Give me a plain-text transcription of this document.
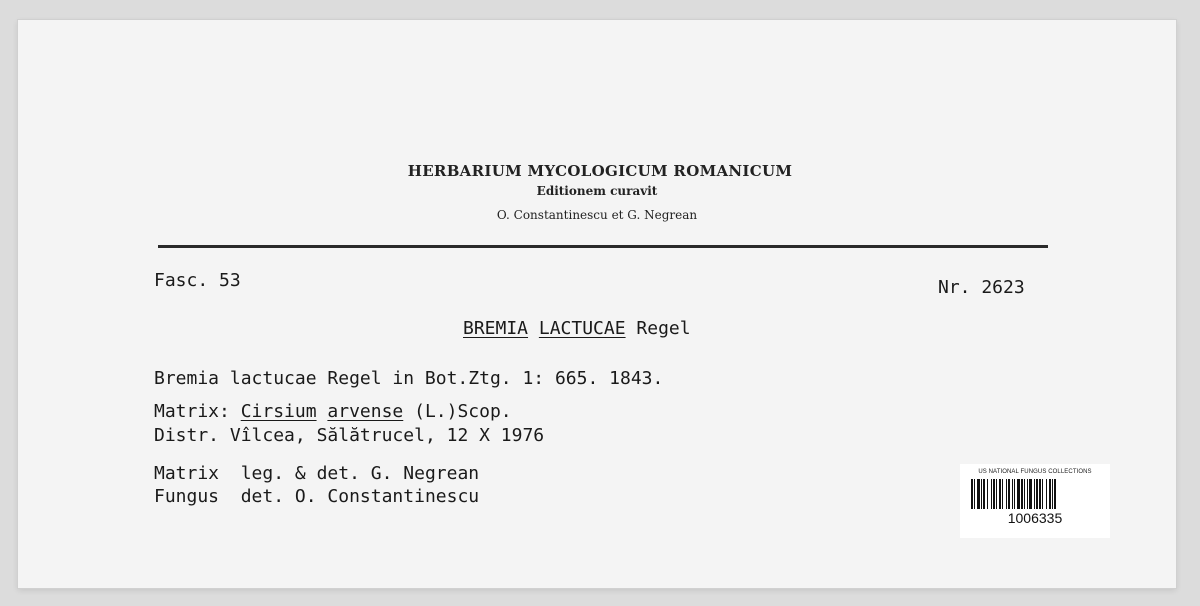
HERBARIUM MYCOLOGICUM ROMANICUM
Editionem curavit
O. Constantinescu et G. Negrean
Fasc. 53	Nr. 2623
BREMIA LACTUCAE Regel
Bremia lactucae Regel in Bot.Ztg. 1: 665. 1843.
Matrix: Cirsium arvense (L.)Scop.
Distr. Vîlcea, Sălătrucel, 12 X 1976
Matrix leg. & det. G. Negrean
Fungus det. O. Constantinescu
US NATIONAL FUNGUS COLLECTIONS
1006335
